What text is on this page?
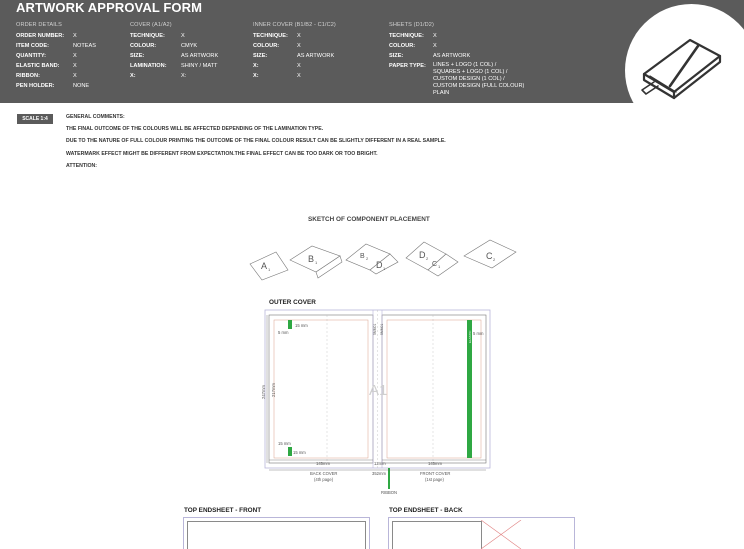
ARTWORK APPROVAL FORM
ORDER DETAILS
ORDER NUMBER: X
ITEM CODE:	NOTEAS
QUANTITY:	X
ELASTIC BAND: X
RIBBON:	X
PEN HOLDER:	NONE
COVER (A1/A2)
TECHNIQUE:	X
COLOUR:	CMYK
SIZE:	AS ARTWORK
LAMINATION:	SHINY / MATT
X:	X:
INNER COVER (B1/B2 - C1/C2)
TECHNIQUE: X
COLOUR:	X
SIZE:	AS ARTWORK
X:	X
X:	X
SHEETS (D1/D2)
TECHNIQUE: X
COLOUR:	X
SIZE:	AS ARTWORK
PAPER TYPE: LINES + LOGO (1 COL) /
SQUARES + LOGO (1 COL) /
CUSTOM DESIGN (1 COL) /
CUSTOM DESIGN (FULL COLOUR)
PLAIN
SCALE 1:4	GENERAL COMMENTS:
THE FINAL OUTCOME OF THE COLOURS WILL BE AFFECTED DEPENDING OF THE LAMINATION TYPE.
DUE TO THE NATURE OF FULL COLOUR PRINTING THE OUTCOME OF THE FINAL COLOUR RESULT CAN BE SLIGHTLY DIFFERENT IN A REAL SAMPLE.
WATERMARK EFFECT MIGHT BE DIFFERENT FROM EXPECTATION.THE FINAL EFFECT CAN BE TOO DARK OR TOO BRIGHT.
ATTENTION:
SKETCH OF COMPONENT PLACEMENT
A 1
B 1
B 2
D 1
D 2
C 1
C 2
OUTER COVER
A1
15 mm
5 mm	5 mm
15 mm
15 mm
145mm	12mm	145mm
352mm
247mm 217mm
5MM01 5MM01
ELASTIC
BACK COVER
(4th page)
FRONT COVER
(1st page)
RIBBON
TOP ENDSHEET - FRONT	TOP ENDSHEET - BACK
